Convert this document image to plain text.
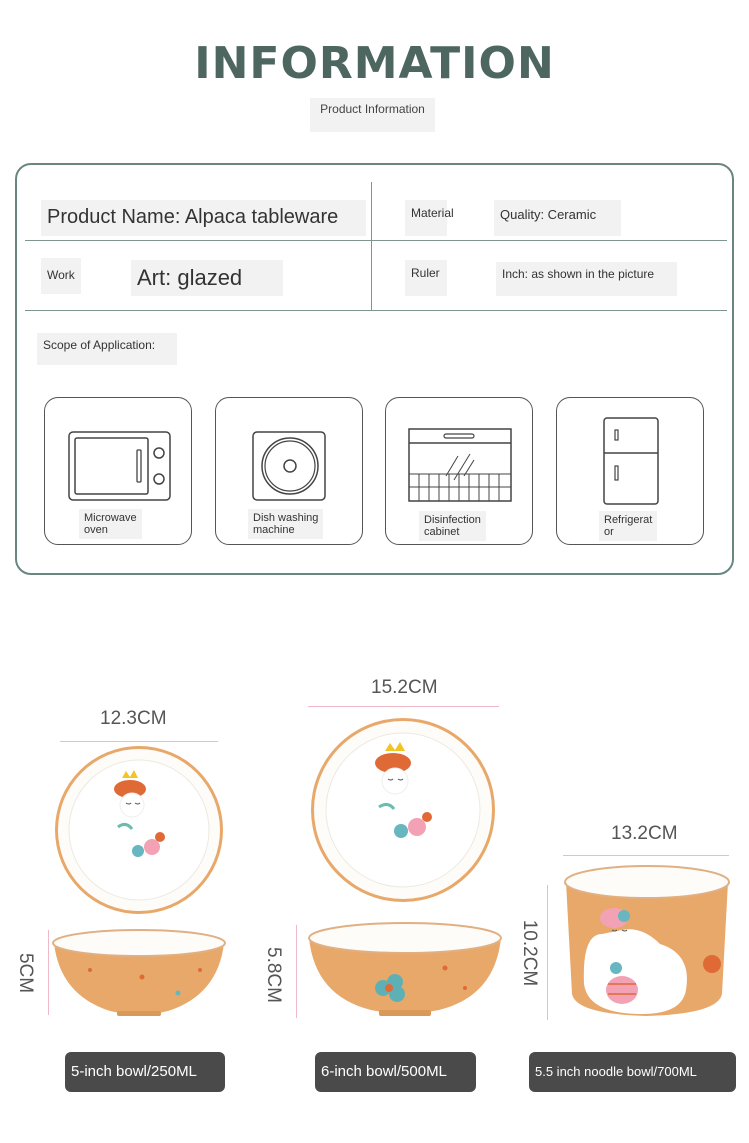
INFORMATION
Product Information
Product Name: Alpaca tableware	Material	Quality: Ceramic
Work	Art: glazed	Ruler	Inch: as shown in the picture
Scope of Application:
Microwave
oven
Dish washing
machine
Disinfection
cabinet
Refrigerat
or
12.3CM
15.2CM
13.2CM
5CM	5.8CM	10.2CM
5-inch bowl/250ML	6-inch bowl/500ML	5.5 inch noodle bowl/700ML
